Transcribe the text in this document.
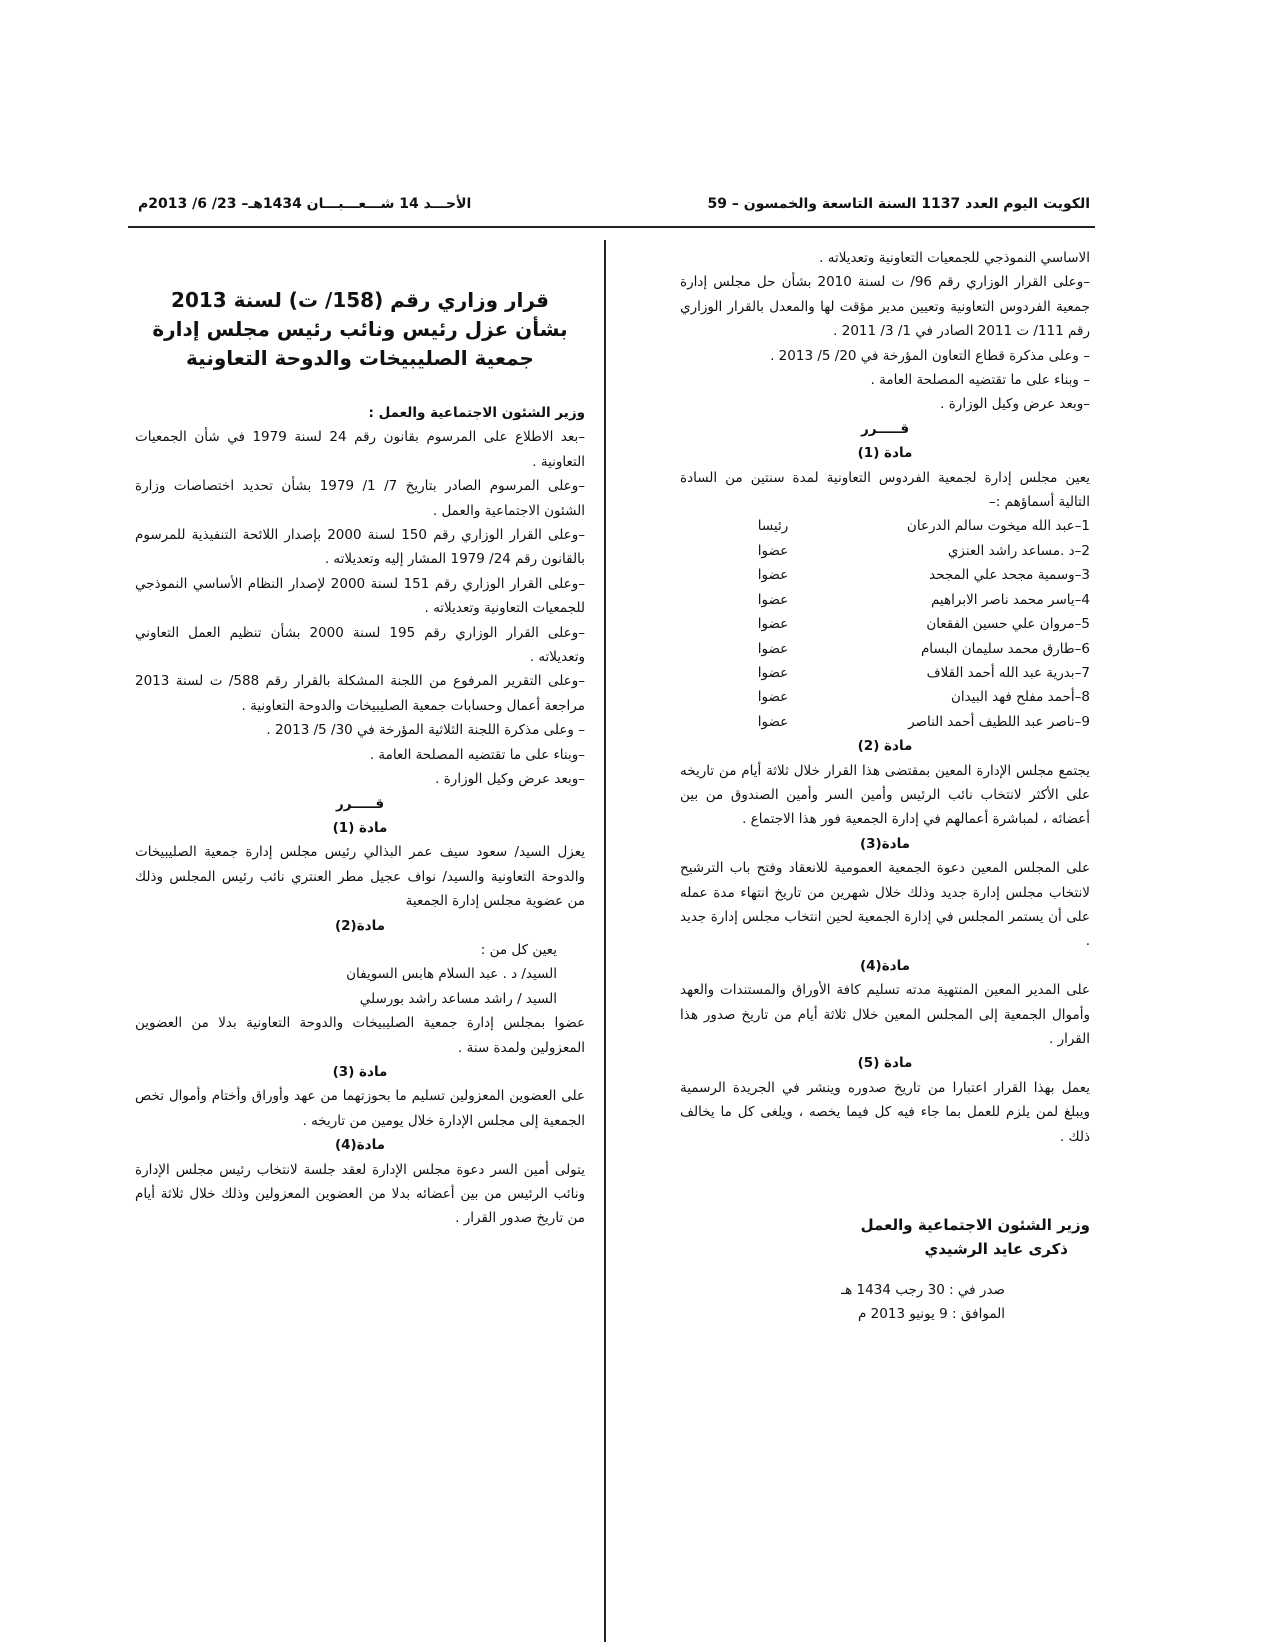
الكويت اليوم العدد 1137 السنة التاسعة والخمسون – 59
الأحـــد 14 شـــعـــبـــان 1434هـ– 23/ 6/ 2013م

الاساسي النموذجي للجمعيات التعاونية وتعديلاته .

–وعلى القرار الوزاري رقم 96/ ت لسنة 2010 بشأن حل مجلس إدارة جمعية الفردوس التعاونية وتعيين مدير مؤقت لها والمعدل بالقرار الوزاري رقم 111/ ت 2011 الصادر في 1/ 3/ 2011 .

– وعلى مذكرة قطاع التعاون المؤرخة في 20/ 5/ 2013 .

– وبناء على ما تقتضيه المصلحة العامة .

–وبعد عرض وكيل الوزارة .

قـــــرر

مادة (1)

يعين مجلس إدارة لجمعية الفردوس التعاونية لمدة سنتين من السادة التالية أسماؤهم :–

1–عبد الله ميخوت سالم الدرعان
رئيسا
2–د .مساعد راشد العنزي
عضوا
3–وسمية مجحد علي المجحد
عضوا
4–ياسر محمد ناصر الابراهيم
عضوا
5–مروان علي حسين الفقعان
عضوا
6–طارق محمد سليمان البسام
عضوا
7–بدرية عبد الله أحمد القلاف
عضوا
8–أحمد مفلح فهد البيدان
عضوا
9–ناصر عبد اللطيف أحمد الناصر
عضوا

مادة (2)

يجتمع مجلس الإدارة المعين بمقتضى هذا القرار خلال ثلاثة أيام من تاريخه على الأكثر لانتخاب نائب الرئيس وأمين السر وأمين الصندوق من بين أعضائه ، لمباشرة أعمالهم في إدارة الجمعية فور هذا الاجتماع .

مادة(3)

على المجلس المعين دعوة الجمعية العمومية للانعقاد وفتح باب الترشيح لانتخاب مجلس إدارة جديد وذلك خلال شهرين من تاريخ انتهاء مدة عمله على أن يستمر المجلس في إدارة الجمعية لحين انتخاب مجلس إدارة جديد .

مادة(4)

على المدير المعين المنتهية مدته تسليم كافة الأوراق والمستندات والعهد وأموال الجمعية إلى المجلس المعين خلال ثلاثة أيام من تاريخ صدور هذا القرار .

مادة (5)

يعمل بهذا القرار اعتبارا من تاريخ صدوره وينشر في الجريدة الرسمية ويبلغ لمن يلزم للعمل بما جاء فيه كل فيما يخصه ، ويلغى كل ما يخالف ذلك .

وزير الشئون الاجتماعية والعمل
ذكرى عايد الرشيدي
صدر في : 30 رجب 1434 هـ
الموافق : 9 يونيو 2013 م
قرار وزاري رقم (158/ ت) لسنة 2013
بشأن عزل رئيس ونائب رئيس مجلس إدارة
جمعية الصليبيخات والدوحة التعاونية

وزير الشئون الاجتماعية والعمل :

–بعد الاطلاع على المرسوم بقانون رقم 24 لسنة 1979 في شأن الجمعيات التعاونية .

–وعلى المرسوم الصادر بتاريخ 7/ 1/ 1979 بشأن تحديد اختصاصات وزارة الشئون الاجتماعية والعمل .

–وعلى القرار الوزاري رقم 150 لسنة 2000 بإصدار اللائحة التنفيذية للمرسوم بالقانون رقم 24/ 1979 المشار إليه وتعديلاته .

–وعلى القرار الوزاري رقم 151 لسنة 2000 لإصدار النظام الأساسي النموذجي للجمعيات التعاونية وتعديلاته .

–وعلى القرار الوزاري رقم 195 لسنة 2000 بشأن تنظيم العمل التعاوني وتعديلاته .

–وعلى التقرير المرفوع من اللجنة المشكلة بالقرار رقم 588/ ت لسنة 2013 مراجعة أعمال وحسابات جمعية الصليبيخات والدوحة التعاونية .

– وعلى مذكرة اللجنة الثلاثية المؤرخة في 30/ 5/ 2013 .

–وبناء على ما تقتضيه المصلحة العامة .

–وبعد عرض وكيل الوزارة .

قـــــرر

مادة (1)

يعزل السيد/ سعود سيف عمر البذالي رئيس مجلس إدارة جمعية الصليبيخات والدوحة التعاونية والسيد/ نواف عجيل مطر العنتري نائب رئيس المجلس وذلك من عضوية مجلس إدارة الجمعية

مادة(2)

يعين كل من :

السيد/ د . عبد السلام هابس السويفان

السيد / راشد مساعد راشد بورسلي

عضوا بمجلس إدارة جمعية الصليبيخات والدوحة التعاونية بدلا من العضوين المعزولين ولمدة سنة .

مادة (3)

على العضوين المعزولين تسليم ما بحوزتهما من عهد وأوراق وأختام وأموال تخص الجمعية إلى مجلس الإدارة خلال يومين من تاريخه .

مادة(4)

يتولى أمين السر دعوة مجلس الإدارة لعقد جلسة لانتخاب رئيس مجلس الإدارة ونائب الرئيس من بين أعضائه بدلا من العضوين المعزولين وذلك خلال ثلاثة أيام من تاريخ صدور القرار .
